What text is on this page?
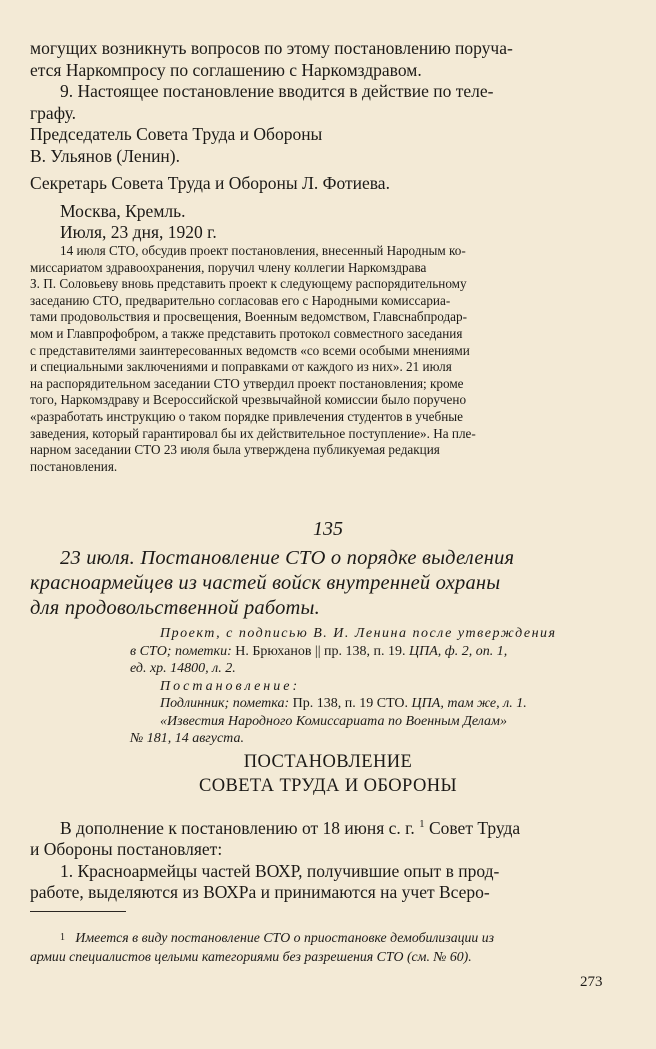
могущих возникнуть вопросов по этому постановлению поруча-
ется Наркомпросу по соглашению с Наркомздравом.
9. Настоящее постановление вводится в действие по теле-
графу.
Председатель Совета Труда и Обороны
В. Ульянов (Ленин).
Секретарь Совета Труда и Обороны Л. Фотиева.
Москва, Кремль.
Июля, 23 дня, 1920 г.
14 июля СТО, обсудив проект постановления, внесенный Народным ко-
миссариатом здравоохранения, поручил члену коллегии Наркомздрава
З. П. Соловьеву вновь представить проект к следующему распорядительному
заседанию СТО, предварительно согласовав его с Народными комиссариа-
тами продовольствия и просвещения, Военным ведомством, Главснабпродар-
мом и Главпрофобром, а также представить протокол совместного заседания
с представителями заинтересованных ведомств «со всеми особыми мнениями
и специальными заключениями и поправками от каждого из них». 21 июля
на распорядительном заседании СТО утвердил проект постановления; кроме
того, Наркомздраву и Всероссийской чрезвычайной комиссии было поручено
«разработать инструкцию о таком порядке привлечения студентов в учебные
заведения, который гарантировал бы их действительное поступление». На пле-
нарном заседании СТО 23 июля была утверждена публикуемая редакция
постановления.
135
23 июля. Постановление СТО о порядке выделения
красноармейцев из частей войск внутренней охраны
для продовольственной работы.
Проект, с подписью В. И. Ленина после утверждения
в СТО; пометки: Н. Брюханов || пр. 138, п. 19. ЦПА, ф. 2, оп. 1,
ед. хр. 14800, л. 2.
Постановление:
Подлинник; пометка: Пр. 138, п. 19 СТО. ЦПА, там же, л. 1.
«Известия Народного Комиссариата по Военным Делам»
№ 181, 14 августа.
ПОСТАНОВЛЕНИЕ
СОВЕТА ТРУДА И ОБОРОНЫ
В дополнение к постановлению от 18 июня с. г. $^1$ Совет Труда
и Обороны постановляет:
1. Красноармейцы частей ВОХР, получившие опыт в прод-
работе, выделяются из ВОХРа и принимаются на учет Всеро-
$^1$ Имеется в виду постановление СТО о приостановке демобилизации из
армии специалистов целыми категориями без разрешения СТО (см. № 60).
273
